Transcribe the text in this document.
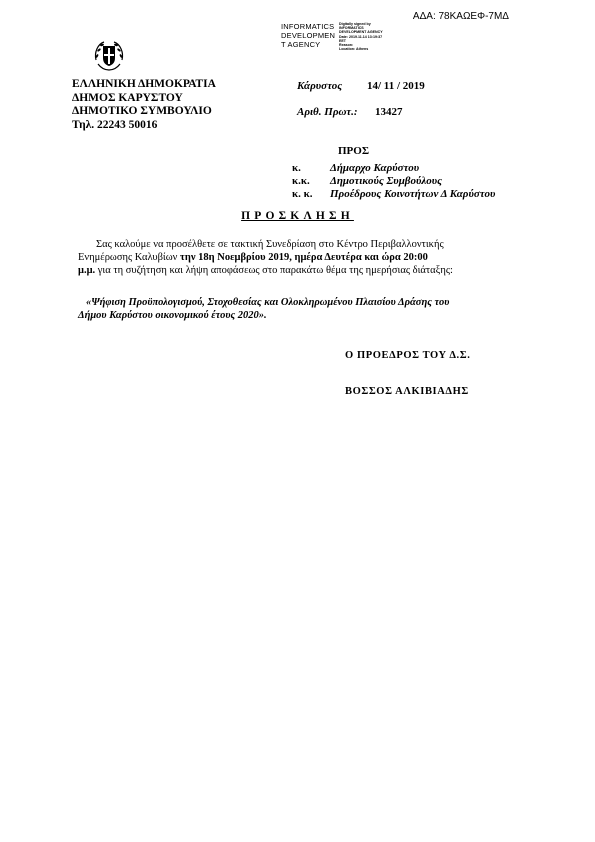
ΑΔΑ: 78ΚΑΩΕΦ-7ΜΔ
INFORMATICS
DEVELOPMEN
T AGENCY
Digitally signed by
INFORMATICS
DEVELOPMENT AGENCY
Date: 2019.11.14 13:19:37
EET
Reason:
Location: Athens
ΕΛΛΗΝΙΚΗ ΔΗΜΟΚΡΑΤΙΑ
ΔΗΜΟΣ ΚΑΡΥΣΤΟΥ
ΔΗΜΟΤΙΚΟ ΣΥΜΒΟΥΛΙΟ
Τηλ. 22243 50016
Κάρυστος 14/ 11 / 2019
Αριθ. Πρωτ.: 13427
ΠΡΟΣ
κ.	Δήμαρχο Καρύστου
κ.κ. Δημοτικούς Συμβούλους
κ. κ. Προέδρους Κοινοτήτων Δ Καρύστου
ΠΡΟΣΚΛΗΣΗ
Σας καλούμε να προσέλθετε σε τακτική Συνεδρίαση στο Κέντρο Περιβαλλοντικής
Ενημέρωσης Καλυβίων την 18η Νοεμβρίου 2019, ημέρα Δευτέρα και ώρα 20:00
μ.μ. για τη συζήτηση και λήψη αποφάσεως στο παρακάτω θέμα της ημερήσιας διάταξης:
«Ψήφιση Προϋπολογισμού, Στοχοθεσίας και Ολοκληρωμένου Πλαισίου Δράσης του
Δήμου Καρύστου οικονομικού έτους 2020».
Ο ΠΡΟΕΔΡΟΣ ΤΟΥ Δ.Σ.
ΒΟΣΣΟΣ ΑΛΚΙΒΙΑΔΗΣ
